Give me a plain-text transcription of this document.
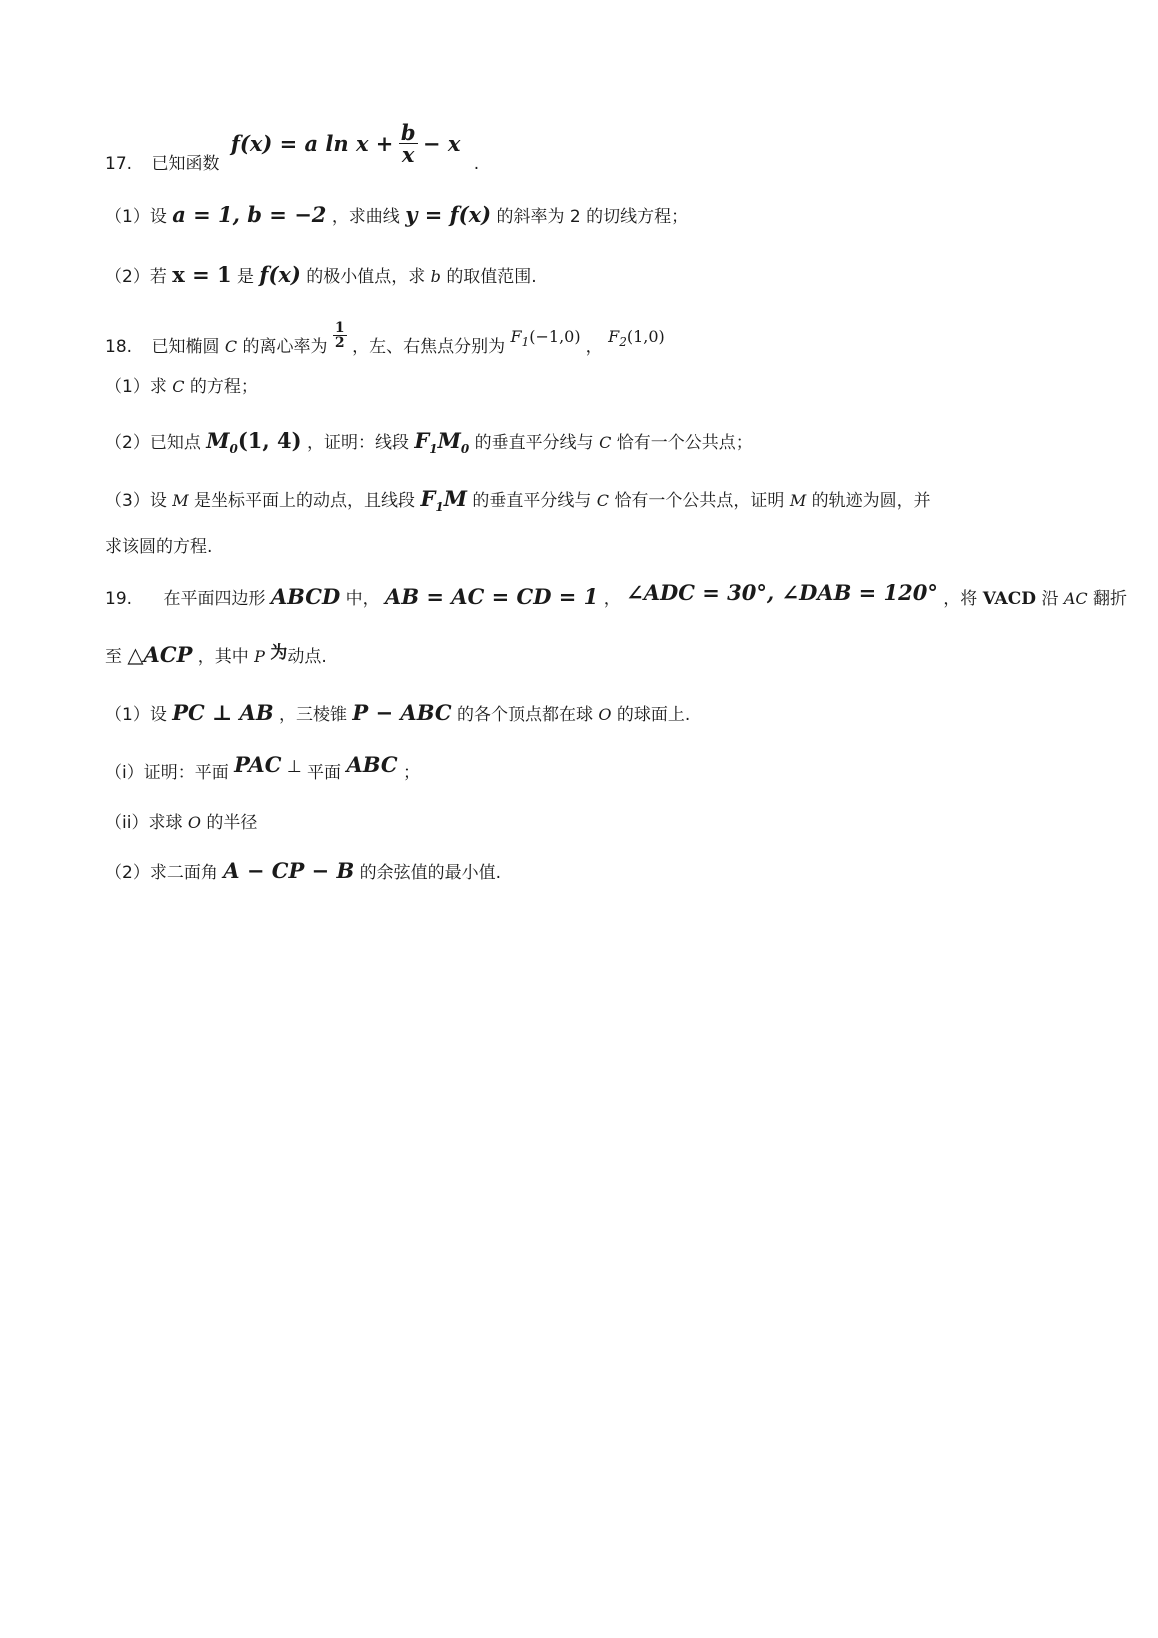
17. 已知函数 f(x) = a $\ln x + \frac{b}{x} - x$ .
（1）设 a = 1, b = −2 ，求曲线 y = f(x) 的斜率为 2 的切线方程；
（2）若 x = 1 是 f(x) 的极小值点，求 b 的取值范围.
18. 已知椭圆 C 的离心率为 $\frac{1}{2}$ ，左、右焦点分别为 $F_1(-1,0)$ ， $F_2(1,0)$
（1）求 C 的方程；
（2）已知点 $M_0(1$, 4) ，证明：线段 $F_1M_0$ 的垂直平分线与 C 恰有一个公共点；
（3）设 M 是坐标平面上的动点，且线段 $F_1M$ 的垂直平分线与 C 恰有一个公共点，证明 M 的轨迹为圆，并
求该圆的方程.
19. 在平面四边形 ABCD 中， AB = AC = CD = 1 ， ∠ADC = 30°, ∠DAB = 120° ，将 VACD 沿 AC 翻折
至 △ACP ，其中 P 为动点.
（1）设 PC ⊥ AB ，三棱锥 P − ABC 的各个顶点都在球 O 的球面上.
（i）证明：平面 PAC ⊥ 平面 ABC ；
（ii）求球 O 的半径
（2）求二面角 A − CP − B 的余弦值的最小值.
